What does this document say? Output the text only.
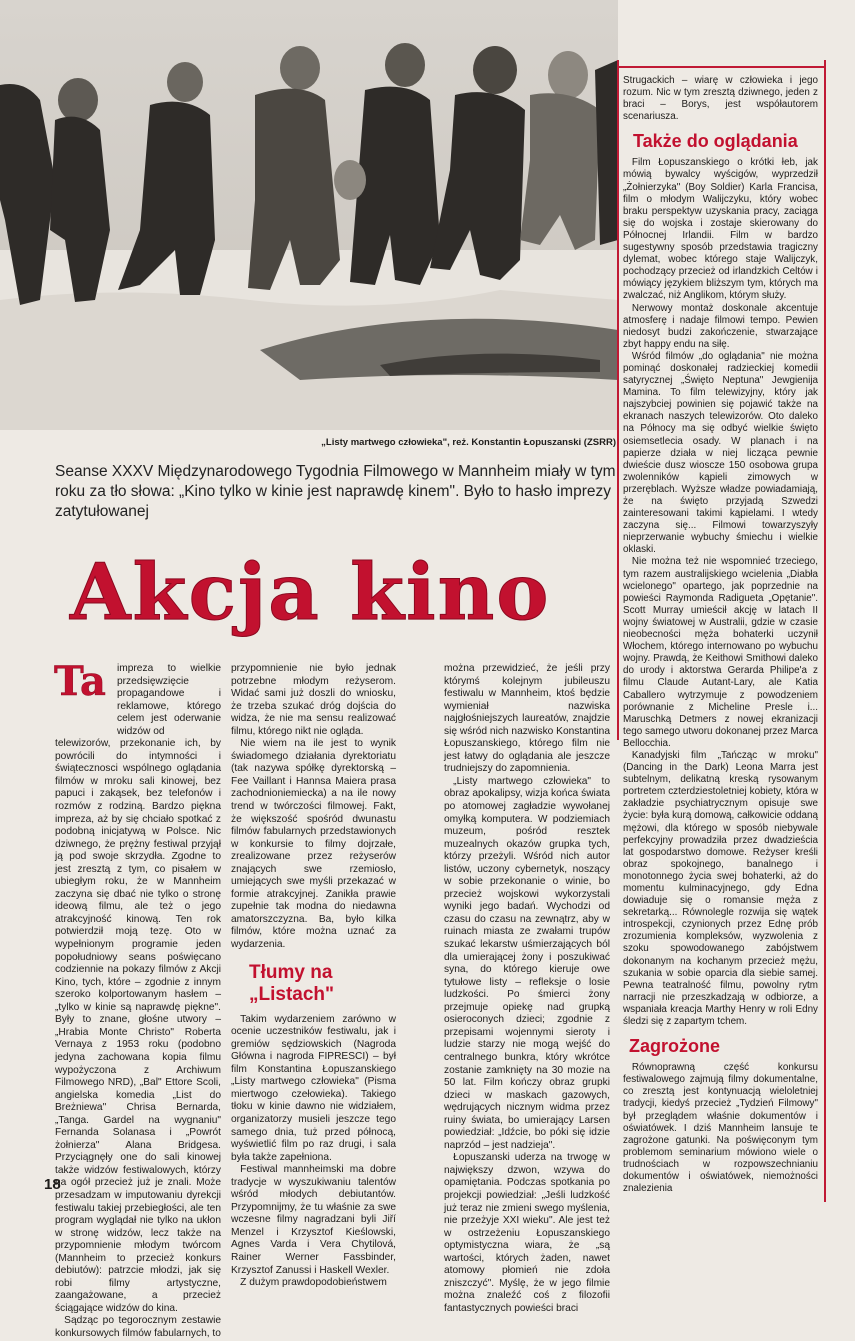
„Listy martwego człowieka", reż. Konstantin Łopuszanski (ZSRR)
Seanse XXXV Międzynarodowego Tygodnia Filmowego w Mannheim miały w tym roku za tło słowa: „Kino tylko w kinie jest naprawdę kinem". Było to hasło imprezy zatytułowanej
Akcja kino
Ta impreza to wielkie przedsięwzięcie propagandowe i reklamowe, którego celem jest oderwanie widzów od

telewizorów, przekonanie ich, by powrócili do intymności i świątecznosci wspólnego oglądania filmów w mroku sali kinowej, bez papuci i zakąsek, bez telefonów i rozmów z rodziną. Bardzo piękna impreza, aż by się chciało spotkać z podobną inicjatywą w Polsce. Nic dziwnego, że prężny festiwal przyjął ją pod swoje skrzydła. Zgodne to jest zresztą z tym, co pisałem w ubiegłym roku, że w Mannheim zaczyna się dbać nie tylko o stronę ideową filmu, ale też o jego atrakcyjność kinową. Ten rok potwierdził moją tezę. Oto w wypełnionym programie jeden popołudniowy seans poświęcano codziennie na pokazy filmów z Akcji Kino, tych, które – zgodnie z innym szeroko kolportowanym hasłem – „tylko w kinie są naprawdę piękne". Były to znane, głośne utwory – „Hrabia Monte Christo" Roberta Vernaya z 1953 roku (podobno jedyna zachowana kopia filmu wypożyczona z Archiwum Filmowego NRD), „Bal" Ettore Scoli, angielska komedia „List do Breżniewa" Chrisa Bernarda, „Tanga. Gardel na wygnaniu" Fernanda Solanasa i „Powrót żołnierza" Alana Bridgesa. Przyciągnęły one do sali kinowej także widzów festiwalowych, którzy na ogół przecież już je znali. Może przesadzam w imputowaniu dyrekcji festiwalu takiej przebiegłości, ale ten program wyglądał nie tylko na ukłon w stronę widzów, lecz także na przypomnienie młodym twórcom (Mannheim to przecież konkurs debiutów): patrzcie młodzi, jak się robi filmy artystyczne, zaangażowane, a przecież ściągające widzów do kina.

Sądząc po tegorocznym zestawie konkursowych filmów fabularnych, to

przypomnienie nie było jednak potrzebne młodym reżyserom. Widać sami już doszli do wniosku, że trzeba szukać dróg dojścia do widza, że nie ma sensu realizować filmu, którego nikt nie ogląda.

Nie wiem na ile jest to wynik świadomego działania dyrektoriatu (tak nazywa spółkę dyrektorską – Fee Vaillant i Hannsa Maiera prasa zachodnioniemiecka) a na ile nowy trend w twórczości filmowej. Fakt, że większość spośród dwunastu filmów fabularnych przedstawionych w konkursie to filmy dojrzałe, zrealizowane przez reżyserów znających swe rzemiosło, umiejących swe myśli przekazać w formie atrakcyjnej. Zanikła prawie zupełnie tak modna do niedawna amatorszczyzna. Ba, było kilka filmów, które można uznać za wydarzenia.

Tłumy na „Listach"

Takim wydarzeniem zarówno w ocenie uczestników festiwalu, jak i gremiów sędziowskich (Nagroda Główna i nagroda FIPRESCI) – był film Konstantina Łopuszanskiego „Listy martwego człowieka" (Pisma miertwogo czełowieka). Takiego tłoku w kinie dawno nie widziałem, organizatorzy musieli jeszcze tego samego dnia, tuż przed północą, wyświetlić film po raz drugi, i sala była także zapełniona.

Festiwal mannheimski ma dobre tradycje w wyszukiwaniu talentów wśród młodych debiutantów. Przypomnijmy, że tu właśnie za swe wczesne filmy nagradzani byli Jiří Menzel i Krzysztof Kieślowski, Agnes Varda i Vera Chytilová, Rainer Werner Fassbinder, Krzysztof Zanussi i Haskell Wexler.

Z dużym prawdopodobieństwem

można przewidzieć, że jeśli przy którymś kolejnym jubileuszu festiwalu w Mannheim, ktoś będzie wymieniał nazwiska najgłośniejszych laureatów, znajdzie się wśród nich nazwisko Konstantina Łopuszanskiego, którego film nie jest łatwy do oglądania ale jeszcze trudniejszy do zapomnienia.

„Listy martwego człowieka" to obraz apokalipsy, wizja końca świata po atomowej zagładzie wywołanej omyłką komputera. W podziemiach muzeum, pośród resztek muzealnych okazów grupka tych, którzy przeżyli. Wśród nich autor listów, uczony cybernetyk, noszący w sobie przekonanie o winie, bo przecież wojskowi wykorzystali wyniki jego badań. Wychodzi od czasu do czasu na zewnątrz, aby w ruinach miasta ze zwałami trupów szukać lekarstw uśmierzających ból dla umierającej żony i poszukiwać syna, do którego kieruje owe tytułowe listy – refleksje o losie ludzkości. Po śmierci żony przejmuje opiekę nad grupką osieroconych dzieci; zgodnie z przepisami wojennymi sieroty i ludzie starzy nie mogą wejść do centralnego bunkra, który wkrótce zostanie zamknięty na 30 mozie na 50 lat. Film kończy obraz grupki dzieci w maskach gazowych, wędrujących nicznym widma przez ruiny świata, bo umierający Larsen powiedział: „Idźcie, bo póki się idzie naprzód – jest nadzieja".

Łopuszanski uderza na trwogę w największy dzwon, wzywa do opamiętania. Podczas spotkania po projekcji powiedział: „Jeśli ludzkość już teraz nie zmieni swego myślenia, nie przeżyje XXI wieku". Ale jest też w ostrzeżeniu Łopuszanskiego optymistyczna wiara, że „są wartości, których żaden, nawet atomowy płomień nie zdoła zniszczyć". Myślę, że w jego filmie można znaleźć coś z filozofii fantastycznych powieści braci

Strugackich – wiarę w człowieka i jego rozum. Nic w tym zresztą dziwnego, jeden z braci – Borys, jest współautorem scenariusza.

Także do oglądania

Film Łopuszanskiego o krótki łeb, jak mówią bywalcy wyścigów, wyprzedził „Żołnierzyka" (Boy Soldier) Karla Francisa, film o młodym Walijczyku, który wobec braku perspektyw uzyskania pracy, zaciąga się do wojska i zostaje skierowany do Północnej Irlandii. Film w bardzo sugestywny sposób przedstawia tragiczny dylemat, wobec którego staje Walijczyk, pochodzący przecież od irlandzkich Celtów i mówiący językiem bliższym tym, których ma zwalczać, niż Anglikom, którym służy.

Nerwowy montaż doskonale akcentuje atmosferę i nadaje filmowi tempo. Pewien niedosyt budzi zakończenie, stwarzające zbyt happy endu na siłę.

Wśród filmów „do oglądania" nie można pominąć doskonałej radzieckiej komedii satyrycznej „Święto Neptuna" Jewgienija Mamina. To film telewizyjny, który jak najszybciej powinien się pojawić także na ekranach naszych telewizorów. Oto daleko na Północy ma się odbyć wielkie święto osiemsetlecia osady. W planach i na papierze działa w niej licząca pewnie dwieście dusz wioscze 150 osobowa grupa zwolenników kąpieli zimowych w przeręblach. Wyższe władze powiadamiają, że na święto przyjadą Szwedzi zainteresowani takimi kąpielami. I wtedy zaczyna się... Filmowi towarzyszyły nieprzerwanie wybuchy śmiechu i wielkie oklaski.

Nie można też nie wspomnieć trzeciego, tym razem australijskiego wcielenia „Diabła wcielonego" opartego, jak poprzednie na powieści Raymonda Radigueta „Opętanie". Scott Murray umieścił akcję w latach II wojny światowej w Australii, gdzie w czasie nieobecności męża bohaterki uczynił Włochem, którego internowano po wybuchu wojny. Prawdą, że Keithowi Smithowi daleko do urody i aktorstwa Gerarda Philipe'a z filmu Claude Autant-Lary, ale Katia Caballero wytrzymuje z powodzeniem porównanie z Micheline Presle i... Maruschką Detmers z nowej ekranizacji tego samego utworu dokonanej przez Marca Bellocchia.

Kanadyjski film „Tańcząc w mroku" (Dancing in the Dark) Leona Marra jest subtelnym, delikatną kreską rysowanym portretem czterdziestoletniej kobiety, która w zakładzie psychiatrycznym opisuje swe życie: była kurą domową, całkowicie oddaną mężowi, dla którego w sposób niebywale perfekcyjny prowadziła przez dwadzieścia lat gospodarstwo domowe. Reżyser kreśli obraz spokojnego, banalnego i monotonnego życia swej bohaterki, aż do momentu kulminacyjnego, gdy Edna dowiaduje się o romansie męża z sekretarką... Równolegle rozwija się wątek introspekcji, czynionych przez Ednę prób zrozumienia kompleksów, wyzwolenia z szoku spowodowanego zabójstwem dokonanym na kochanym przecież mężu, szukania w sobie oparcia dla siebie samej. Pewna teatralność filmu, powolny rytm narracji nie przeszkadzają w odbiorze, a wspaniała kreacja Marthy Henry w roli Edny śledzi się z zapartym tchem.

Zagrożone

Równoprawną część konkursu festiwalowego zajmują filmy dokumentalne, co zresztą jest kontynuacją wieloletniej tradycji, kiedyś przecież „Tydzień Filmowy" był przeglądem właśnie dokumentów i oświatówek. I dziś Mannheim lansuje te zagrożone gatunki. Na poświęconym tym problemom seminarium mówiono wiele o trudnościach w rozpowszechnianiu dokumentów i oświatówek, niemożności znalezienia

18
